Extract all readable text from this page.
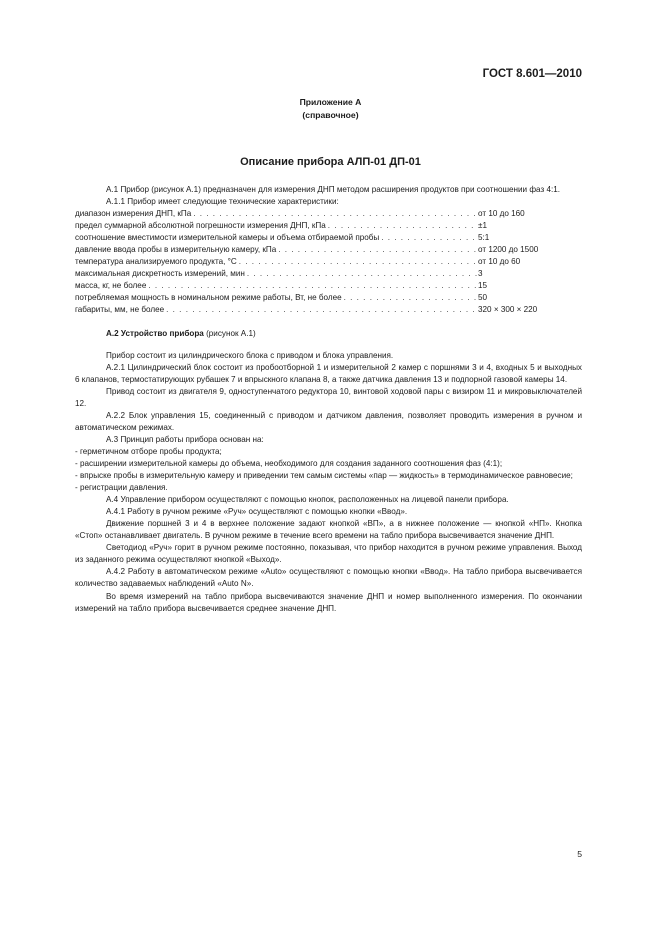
ГОСТ 8.601—2010
Приложение А
(справочное)
Описание прибора АЛП-01 ДП-01

А.1 Прибор (рисунок А.1) предназначен для измерения ДНП методом расширения продуктов при соотношении фаз 4:1.

А.1.1 Прибор имеет следующие технические характеристики:

диапазон измерения ДНП, кПа . . .	от 10 до 160
предел суммарной абсолютной погрешности измерения ДНП, кПа . . .	±1
соотношение вместимости измерительной камеры и объема отбираемой пробы . . .	5:1
давление ввода пробы в измерительную камеру, кПа . . .	от 1200 до 1500
температура анализируемого продукта, °С . . .	от 10 до 60
максимальная дискретность измерений, мин . . .	3
масса, кг, не более . . .	15
потребляемая мощность в номинальном режиме работы, Вт, не более . . .	50
габариты, мм, не более . . .	320 × 300 × 220

А.2 Устройство прибора (рисунок А.1)

Прибор состоит из цилиндрического блока с приводом и блока управления.

А.2.1 Цилиндрический блок состоит из пробоотборной 1 и измерительной 2 камер с поршнями 3 и 4, входных 5 и выходных 6 клапанов, термостатирующих рубашек 7 и впрыскного клапана 8, а также датчика давления 13 и подпорной газовой камеры 14.

Привод состоит из двигателя 9, одноступенчатого редуктора 10, винтовой ходовой пары с визиром 11 и микровыключателей 12.

А.2.2 Блок управления 15, соединенный с приводом и датчиком давления, позволяет проводить измерения в ручном и автоматическом режимах.

А.3 Принцип работы прибора основан на:

- герметичном отборе пробы продукта;

- расширении измерительной камеры до объема, необходимого для создания заданного соотношения фаз (4:1);

- впрыске пробы в измерительную камеру и приведении тем самым системы «пар — жидкость» в термодинамическое равновесие;

- регистрации давления.

А.4 Управление прибором осуществляют с помощью кнопок, расположенных на лицевой панели прибора.

А.4.1 Работу в ручном режиме «Руч» осуществляют с помощью кнопки «Ввод».

Движение поршней 3 и 4 в верхнее положение задают кнопкой «ВП», а в нижнее положение — кнопкой «НП». Кнопка «Стоп» останавливает двигатель. В ручном режиме в течение всего времени на табло прибора высвечивается значение ДНП.

Светодиод «Руч» горит в ручном режиме постоянно, показывая, что прибор находится в ручном режиме управления. Выход из заданного режима осуществляют кнопкой «Выход».

А.4.2 Работу в автоматическом режиме «Auto» осуществляют с помощью кнопки «Ввод». На табло прибора высвечивается количество задаваемых наблюдений «Auto N».

Во время измерений на табло прибора высвечиваются значение ДНП и номер выполненного измерения. По окончании измерений на табло прибора высвечивается среднее значение ДНП.

5
